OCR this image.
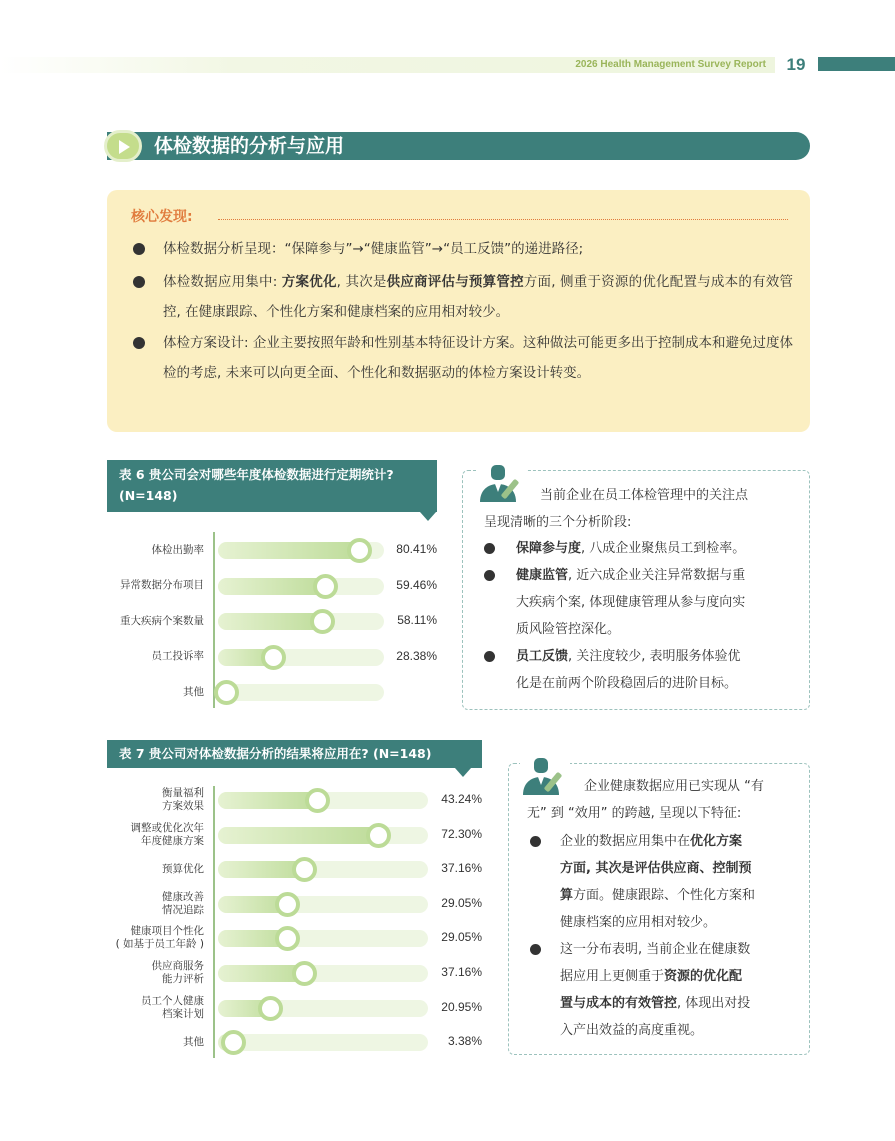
2026 Health Management Survey Report	19
体检数据的分析与应用
核心发现:
体检数据分析呈现：“保障参与”→“健康监管”→“员工反馈”的递进路径;
体检数据应用集中: 方案优化, 其次是供应商评估与预算管控方面, 侧重于资源的优化配置与成本的有效管控, 在健康跟踪、个性化方案和健康档案的应用相对较少。
体检方案设计: 企业主要按照年龄和性别基本特征设计方案。这种做法可能更多出于控制成本和避免过度体检的考虑, 未来可以向更全面、个性化和数据驱动的体检方案设计转变。
表 6 贵公司会对哪些年度体检数据进行定期统计? (N=148)
体检出勤率	80.41%
异常数据分布项目	59.46%
重大疾病个案数量	58.11%
员工投诉率	28.38%
其他
当前企业在员工体检管理中的关注点
呈现清晰的三个分析阶段:
保障参与度, 八成企业聚焦员工到检率。
健康监管, 近六成企业关注异常数据与重
大疾病个案, 体现健康管理从参与度向实
质风险管控深化。
员工反馈, 关注度较少, 表明服务体验优
化是在前两个阶段稳固后的进阶目标。
表 7 贵公司对体检数据分析的结果将应用在? (N=148)
衡量福利
方案效果	43.24%
调整或优化次年
年度健康方案	72.30%
预算优化	37.16%
健康改善
情况追踪	29.05%
健康项目个性化
( 如基于员工年龄 )	29.05%
供应商服务
能力评析	37.16%
员工个人健康
档案计划	20.95%
其他	3.38%
企业健康数据应用已实现从 “有
无” 到 “效用” 的跨越, 呈现以下特征:
企业的数据应用集中在优化方案
方面, 其次是评估供应商、控制预
算方面。健康跟踪、个性化方案和
健康档案的应用相对较少。
这一分布表明, 当前企业在健康数
据应用上更侧重于资源的优化配
置与成本的有效管控, 体现出对投
入产出效益的高度重视。
